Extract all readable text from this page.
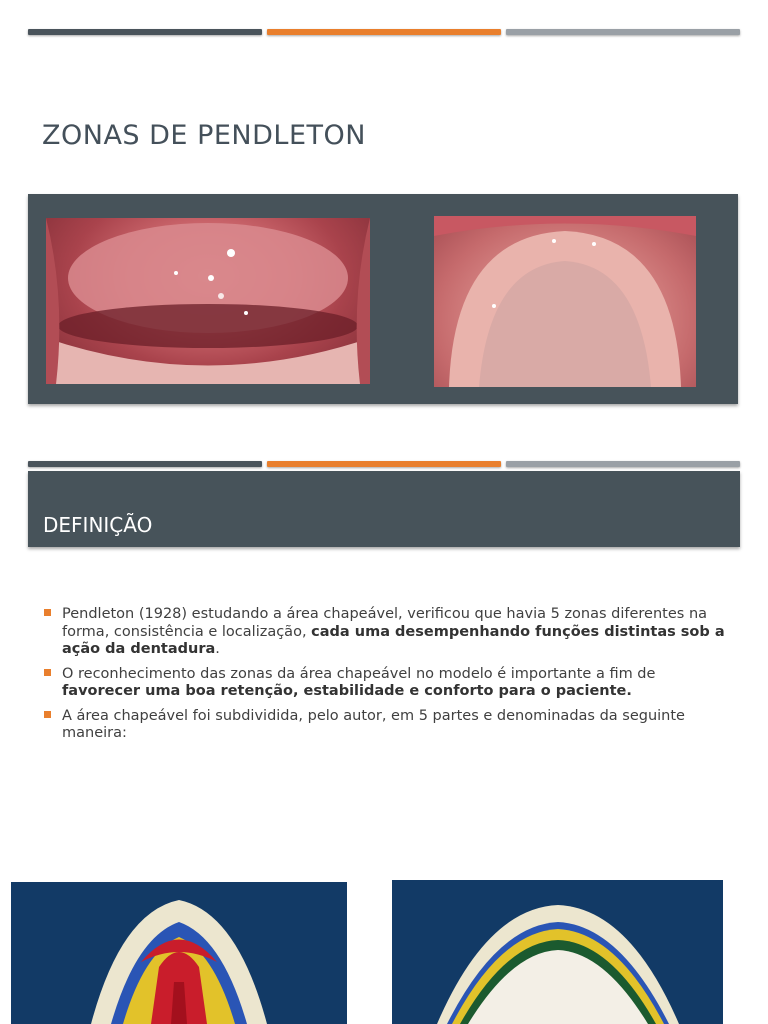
ZONAS DE PENDLETON
DEFINIÇÃO
Pendleton (1928) estudando a área chapeável, verificou que havia 5 zonas diferentes na forma, consistência e localização, cada uma desempenhando funções distintas sob a ação da dentadura.
O reconhecimento das zonas da área chapeável no modelo é importante a fim de favorecer uma boa retenção, estabilidade e conforto para o paciente.
A área chapeável foi subdividida, pelo autor, em 5 partes e denominadas da seguinte maneira:
